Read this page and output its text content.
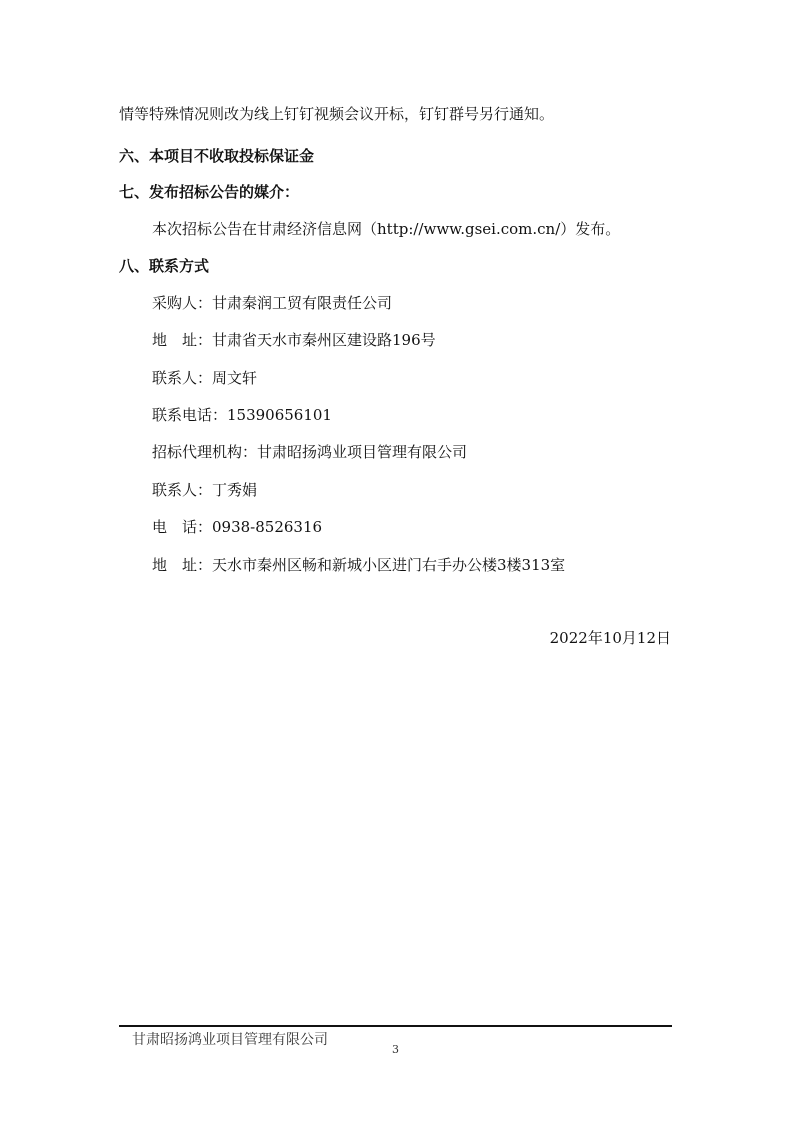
情等特殊情况则改为线上钉钉视频会议开标，钉钉群号另行通知。
六、本项目不收取投标保证金
七、发布招标公告的媒介：
本次招标公告在甘肃经济信息网（http://www.gsei.com.cn/）发布。
八、联系方式
采购人：甘肃秦润工贸有限责任公司
地　址：甘肃省天水市秦州区建设路196号
联系人：周文轩
联系电话：15390656101
招标代理机构：甘肃昭扬鸿业项目管理有限公司
联系人：丁秀娟
电　话：0938-8526316
地　址：天水市秦州区畅和新城小区进门右手办公楼3楼313室
2022年10月12日
甘肃昭扬鸿业项目管理有限公司
3
